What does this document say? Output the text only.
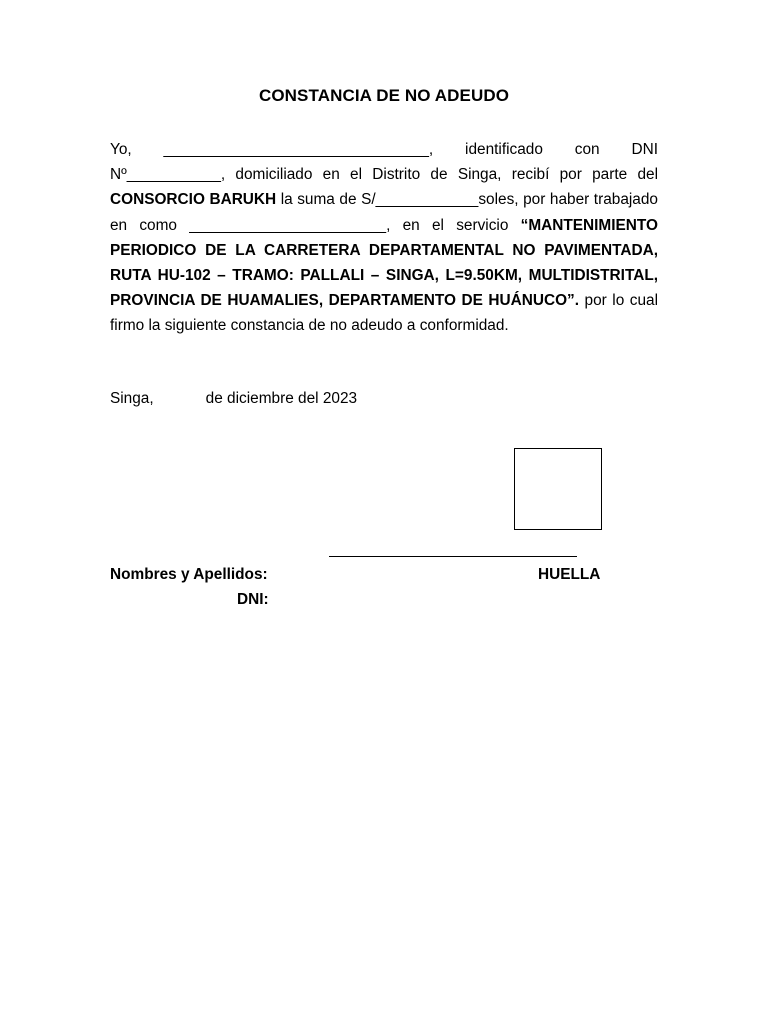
CONSTANCIA DE NO ADEUDO
Yo, _______________________________, identificado con DNI Nº___________, domiciliado en el Distrito de Singa, recibí por parte del CONSORCIO BARUKH la suma de S/____________soles, por haber trabajado en como _______________________, en el servicio “MANTENIMIENTO PERIODICO DE LA CARRETERA DEPARTAMENTAL NO PAVIMENTADA, RUTA HU-102 – TRAMO: PALLALI – SINGA, L=9.50KM, MULTIDISTRITAL, PROVINCIA DE HUAMALIES, DEPARTAMENTO DE HUÁNUCO”. por lo cual firmo la siguiente constancia de no adeudo a conformidad.
Singa,	de diciembre del 2023
Nombres y Apellidos:	HUELLA
DNI:
